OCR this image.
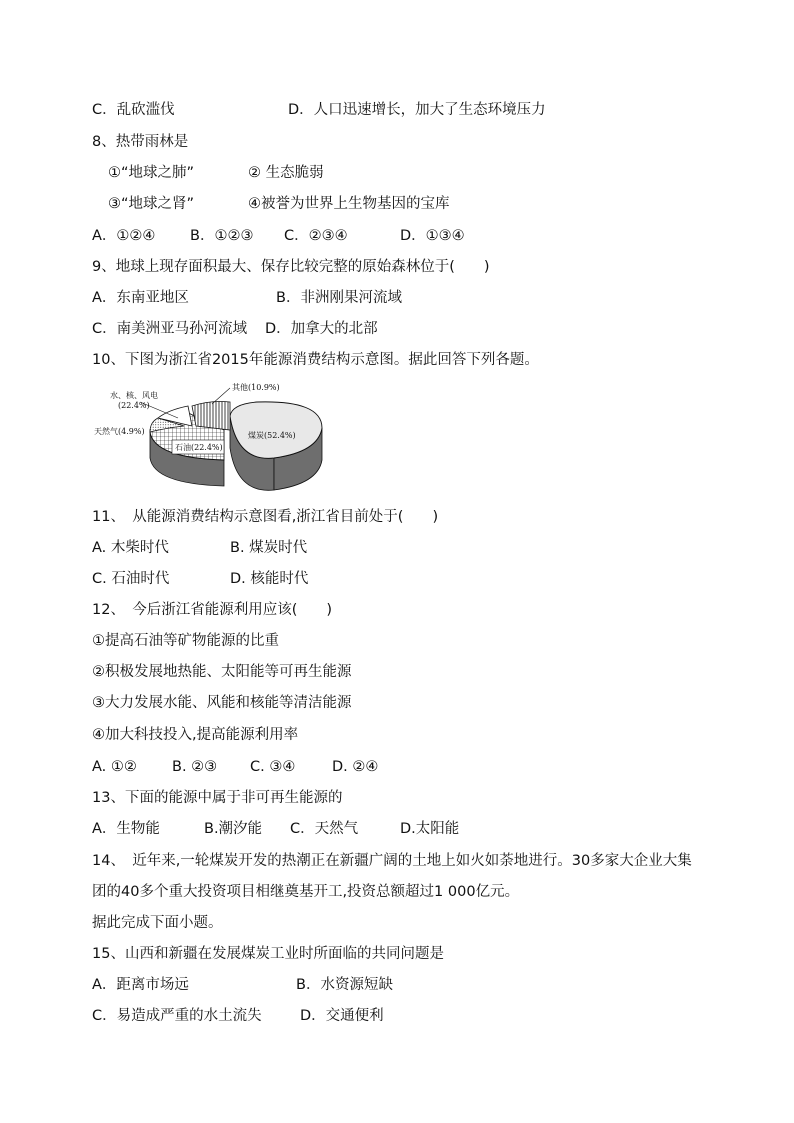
C．乱砍滥伐	D．人口迅速增长，加大了生态环境压力
8、热带雨林是
①“地球之肺”	② 生态脆弱
③“地球之肾”	④被誉为世界上生物基因的宝库
A．①②④ B．①②③ C．②③④	D．①③④
9、地球上现存面积最大、保存比较完整的原始森林位于(　　)
A．东南亚地区	B．非洲刚果河流域
C．南美洲亚马孙河流域 D．加拿大的北部
10、下图为浙江省2015年能源消费结构示意图。据此回答下列各题。
煤炭(52.4%)
石油(22.4%)
天然气(4.9%)
水、核、风电
(22.4%)
其他(10.9%)
11、　从能源消费结构示意图看,浙江省目前处于(　　)
A. 木柴时代	B. 煤炭时代
C. 石油时代	D. 核能时代
12、　今后浙江省能源利用应该(　　)
①提高石油等矿物能源的比重
②积极发展地热能、太阳能等可再生能源
③大力发展水能、风能和核能等清洁能源
④加大科技投入,提高能源利用率
A. ①② B. ②③ C. ③④	D. ②④
13、下面的能源中属于非可再生能源的
A．生物能	B.潮汐能 C．天然气	D.太阳能
14、　近年来,一轮煤炭开发的热潮正在新疆广阔的土地上如火如荼地进行。30多家大企业大集
团的40多个重大投资项目相继奠基开工,投资总额超过1 000亿元。
据此完成下面小题。
15、山西和新疆在发展煤炭工业时所面临的共同问题是
A．距离市场远	B．水资源短缺
C．易造成严重的水土流失	D．交通便利
